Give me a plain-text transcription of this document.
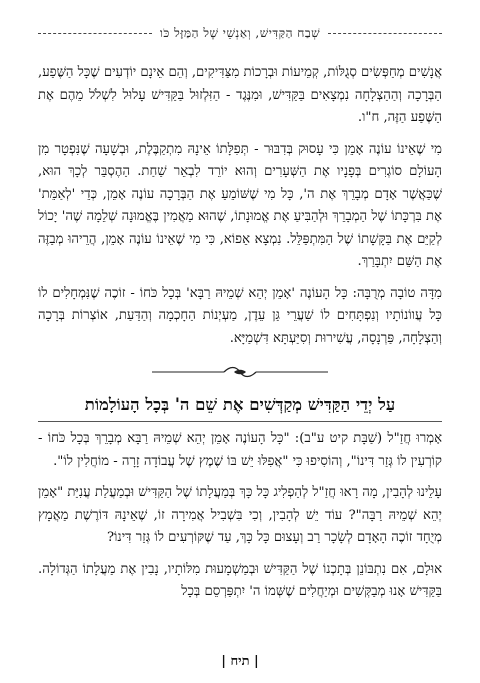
שְׁבַח הַקַּדִּישׁ, וְאַנְשֵׁי שֶׁל הַמַּזָּל כֹּו

אֲנָשִׁים מְחַפְּשִׂים סְגֻלּוֹת, קְמֵיעוֹת וּבְרָכוֹת מִצַּדִּיקִים, וְהֵם אֵינָם יוֹדְעִים שֶׁכָּל הַשֶּׁפַע, הַבְּרָכָה וְהַהַצְלָחָה נִמְצָאִים בַּקַּדִּישׁ, וּמִנֶּגֶד - הַזִּלְזוּל בַּקַּדִּישׁ עָלוּל לִשְׁלֹל מֵהֶם אֶת הַשֶּׁפַע הַזֶּה, ח"ו.

מִי שֶׁאֵינוֹ עוֹנֶה אָמֵן כִּי עָסוּק בְּדִבּוּר - תְּפִלָּתוֹ אֵינָהּ מִתְקַבֶּלֶת, וּבְשָׁעָה שֶׁנִּפְטָר מִן הָעוֹלָם סוֹגְרִים בְּפָנָיו אֶת הַשְּׁעָרִים וְהוּא יוֹרֵד לִבְאֵר שַׁחַת. הַהֶסְבֵּר לְכָךְ הוּא, שֶׁכַּאֲשֶׁר אָדָם מְבָרֵךְ אֶת ה', כָּל מִי שֶׁשּׁוֹמֵעַ אֶת הַבְּרָכָה עוֹנֶה אָמֵן, כְּדֵי 'לְאַמֵּת' אֶת בִּרְכָּתוֹ שֶׁל הַמְבָרֵךְ וּלְהַבִּיעַ אֶת אֱמוּנָתוֹ, שֶׁהוּא מַאֲמִין בֶּאֱמוּנָה שְׁלֵמָה שֶׁה' יָכוֹל לְקַיֵּם אֶת בַּקָּשָׁתוֹ שֶׁל הַמִּתְפַּלֵּל. נִמְצָא אֵפוֹא, כִּי מִי שֶׁאֵינוֹ עוֹנֶה אָמֵן, הֲרֵיהוּ מְבַזֶּה אֶת הַשֵּׁם יִתְבָּרַךְ.

מִדָּה טוֹבָה מְרֻבָּה: כָּל הָעוֹנֶה 'אָמֵן יְהֵא שְׁמֵיהּ רַבָּא' בְּכָל כֹּחוֹ - זוֹכֶה שֶׁנִּמְחָלִים לוֹ כָּל עֲווֹנוֹתָיו וְנִפְתָּחִים לוֹ שַׁעֲרֵי גַּן עֵדֶן, מַעְיְנוֹת הַחָכְמָה וְהַדַּעַת, אוֹצְרוֹת בְּרָכָה וְהַצְלָחָה, פַּרְנָסָה, עֲשִׁירוּת וְסִיַּעְתָּא דִּשְׁמַיָּא.

עַל יְדֵי הַקַּדִּישׁ מְקַדְּשִׁים אֶת שֵׁם ה' בְּכָל הָעוֹלָמוֹת

אָמְרוּ חֲזַ"ל (שַׁבָּת קיט ע"ב): "כָּל הָעוֹנֶה אָמֵן יְהֵא שְׁמֵיהּ רַבָּא מְבָרֵךְ בְּכָל כֹּחוֹ - קוֹרְעִין לוֹ גְּזַר דִּינוֹ", וְהוֹסִיפוּ כִּי "אֲפִלּוּ יֵשׁ בּוֹ שֶׁמֶץ שֶׁל עֲבוֹדָה זָרָה - מוֹחֲלִין לוֹ".

עָלֵינוּ לְהָבִין, מָה רָאוּ חֲזַ"ל לְהַפְלִיג כָּל כָּךְ בְּמַעֲלָתוֹ שֶׁל הַקַּדִּישׁ וּבְמַעֲלַת עֲנִיַּת "אָמֵן יְהֵא שְׁמֵיהּ רַבָּה"? עוֹד יֵשׁ לְהָבִין, וְכִי בִּשְׁבִיל אֲמִירָה זוֹ, שֶׁאֵינָהּ דּוֹרֶשֶׁת מַאֲמָץ מְיֻחָד זוֹכֶה הָאָדָם לְשָׂכָר רַב וְעָצוּם כָּל כָּךְ, עַד שֶׁקּוֹרְעִים לוֹ גְּזַר דִּינוֹ?

אוּלָם, אִם נִתְבּוֹנֵן בְּתָכְנוֹ שֶׁל הַקַּדִּישׁ וּבְמַשְׁמָעוּת מִלּוֹתָיו, נָבִין אֶת מַעֲלָתוֹ הַגְּדוֹלָה. בַּקַּדִּישׁ אָנוּ מְבַקְּשִׁים וּמְיַחֲלִים שֶׁשְּׁמוֹ ה' יִתְפַּרְסֵם בְּכָל

| תיח |
